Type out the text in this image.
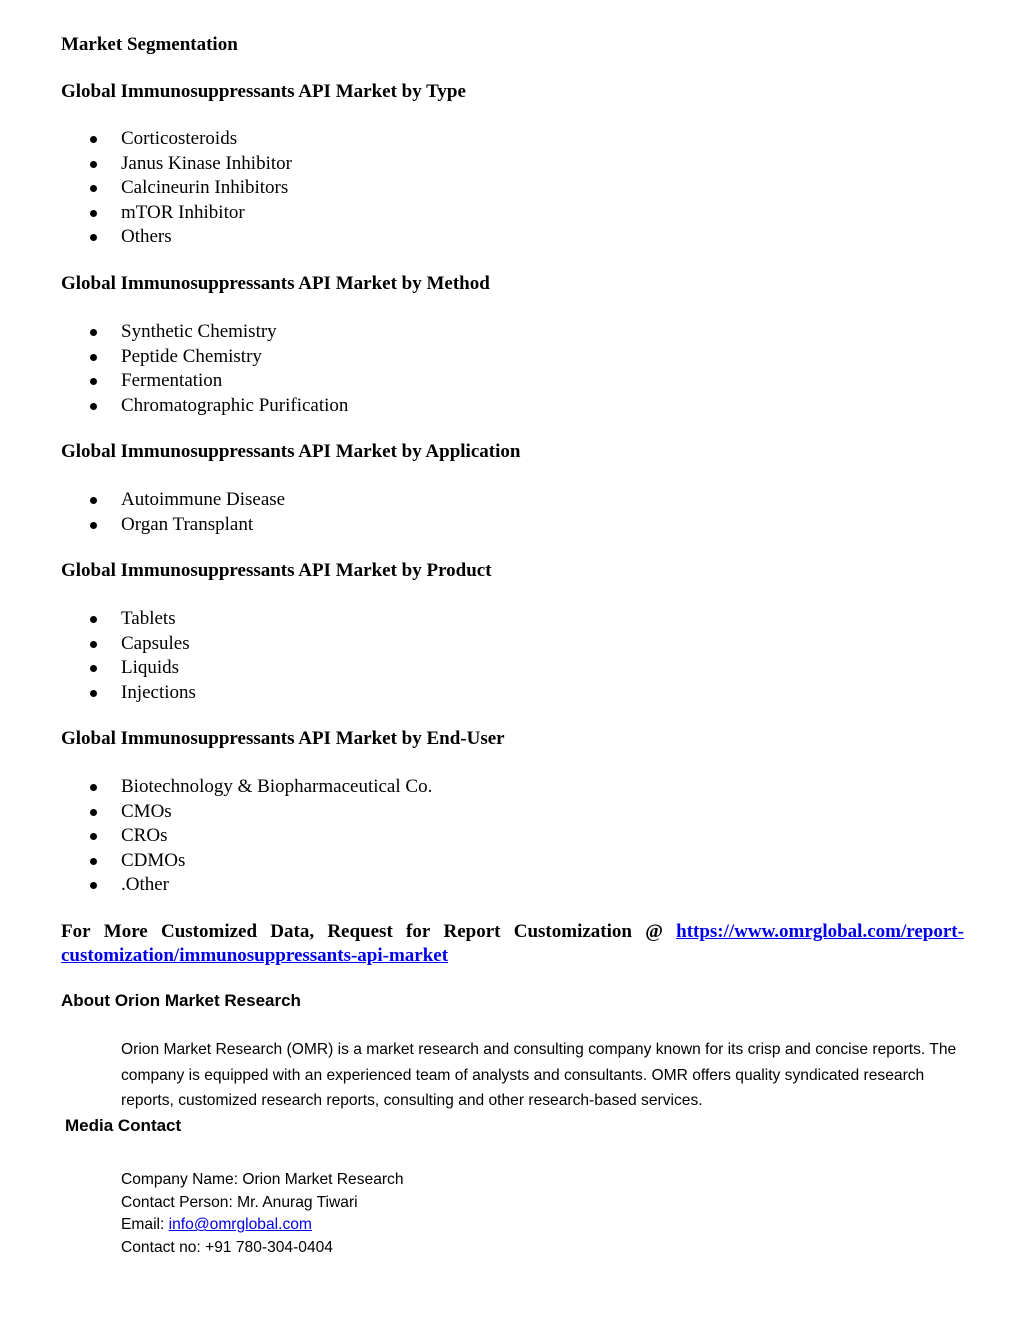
Market Segmentation
Global Immunosuppressants API Market by Type
Corticosteroids
Janus Kinase Inhibitor
Calcineurin Inhibitors
mTOR Inhibitor
Others
Global Immunosuppressants API Market by Method
Synthetic Chemistry
Peptide Chemistry
Fermentation
Chromatographic Purification
Global Immunosuppressants API Market by Application
Autoimmune Disease
Organ Transplant
Global Immunosuppressants API Market by Product
Tablets
Capsules
Liquids
Injections
Global Immunosuppressants API Market by End-User
Biotechnology & Biopharmaceutical Co.
CMOs
CROs
CDMOs
.Other
For More Customized Data, Request for Report Customization @ https://www.omrglobal.com/report-
customization/immunosuppressants-api-market
About Orion Market Research
Orion Market Research (OMR) is a market research and consulting company known for its crisp and concise reports. The company is equipped with an experienced team of analysts and consultants. OMR offers quality syndicated research reports, customized research reports, consulting and other research-based services.
Media Contact
Company Name: Orion Market Research
Contact Person: Mr. Anurag Tiwari
Email: info@omrglobal.com
Contact no: +91 780-304-0404
